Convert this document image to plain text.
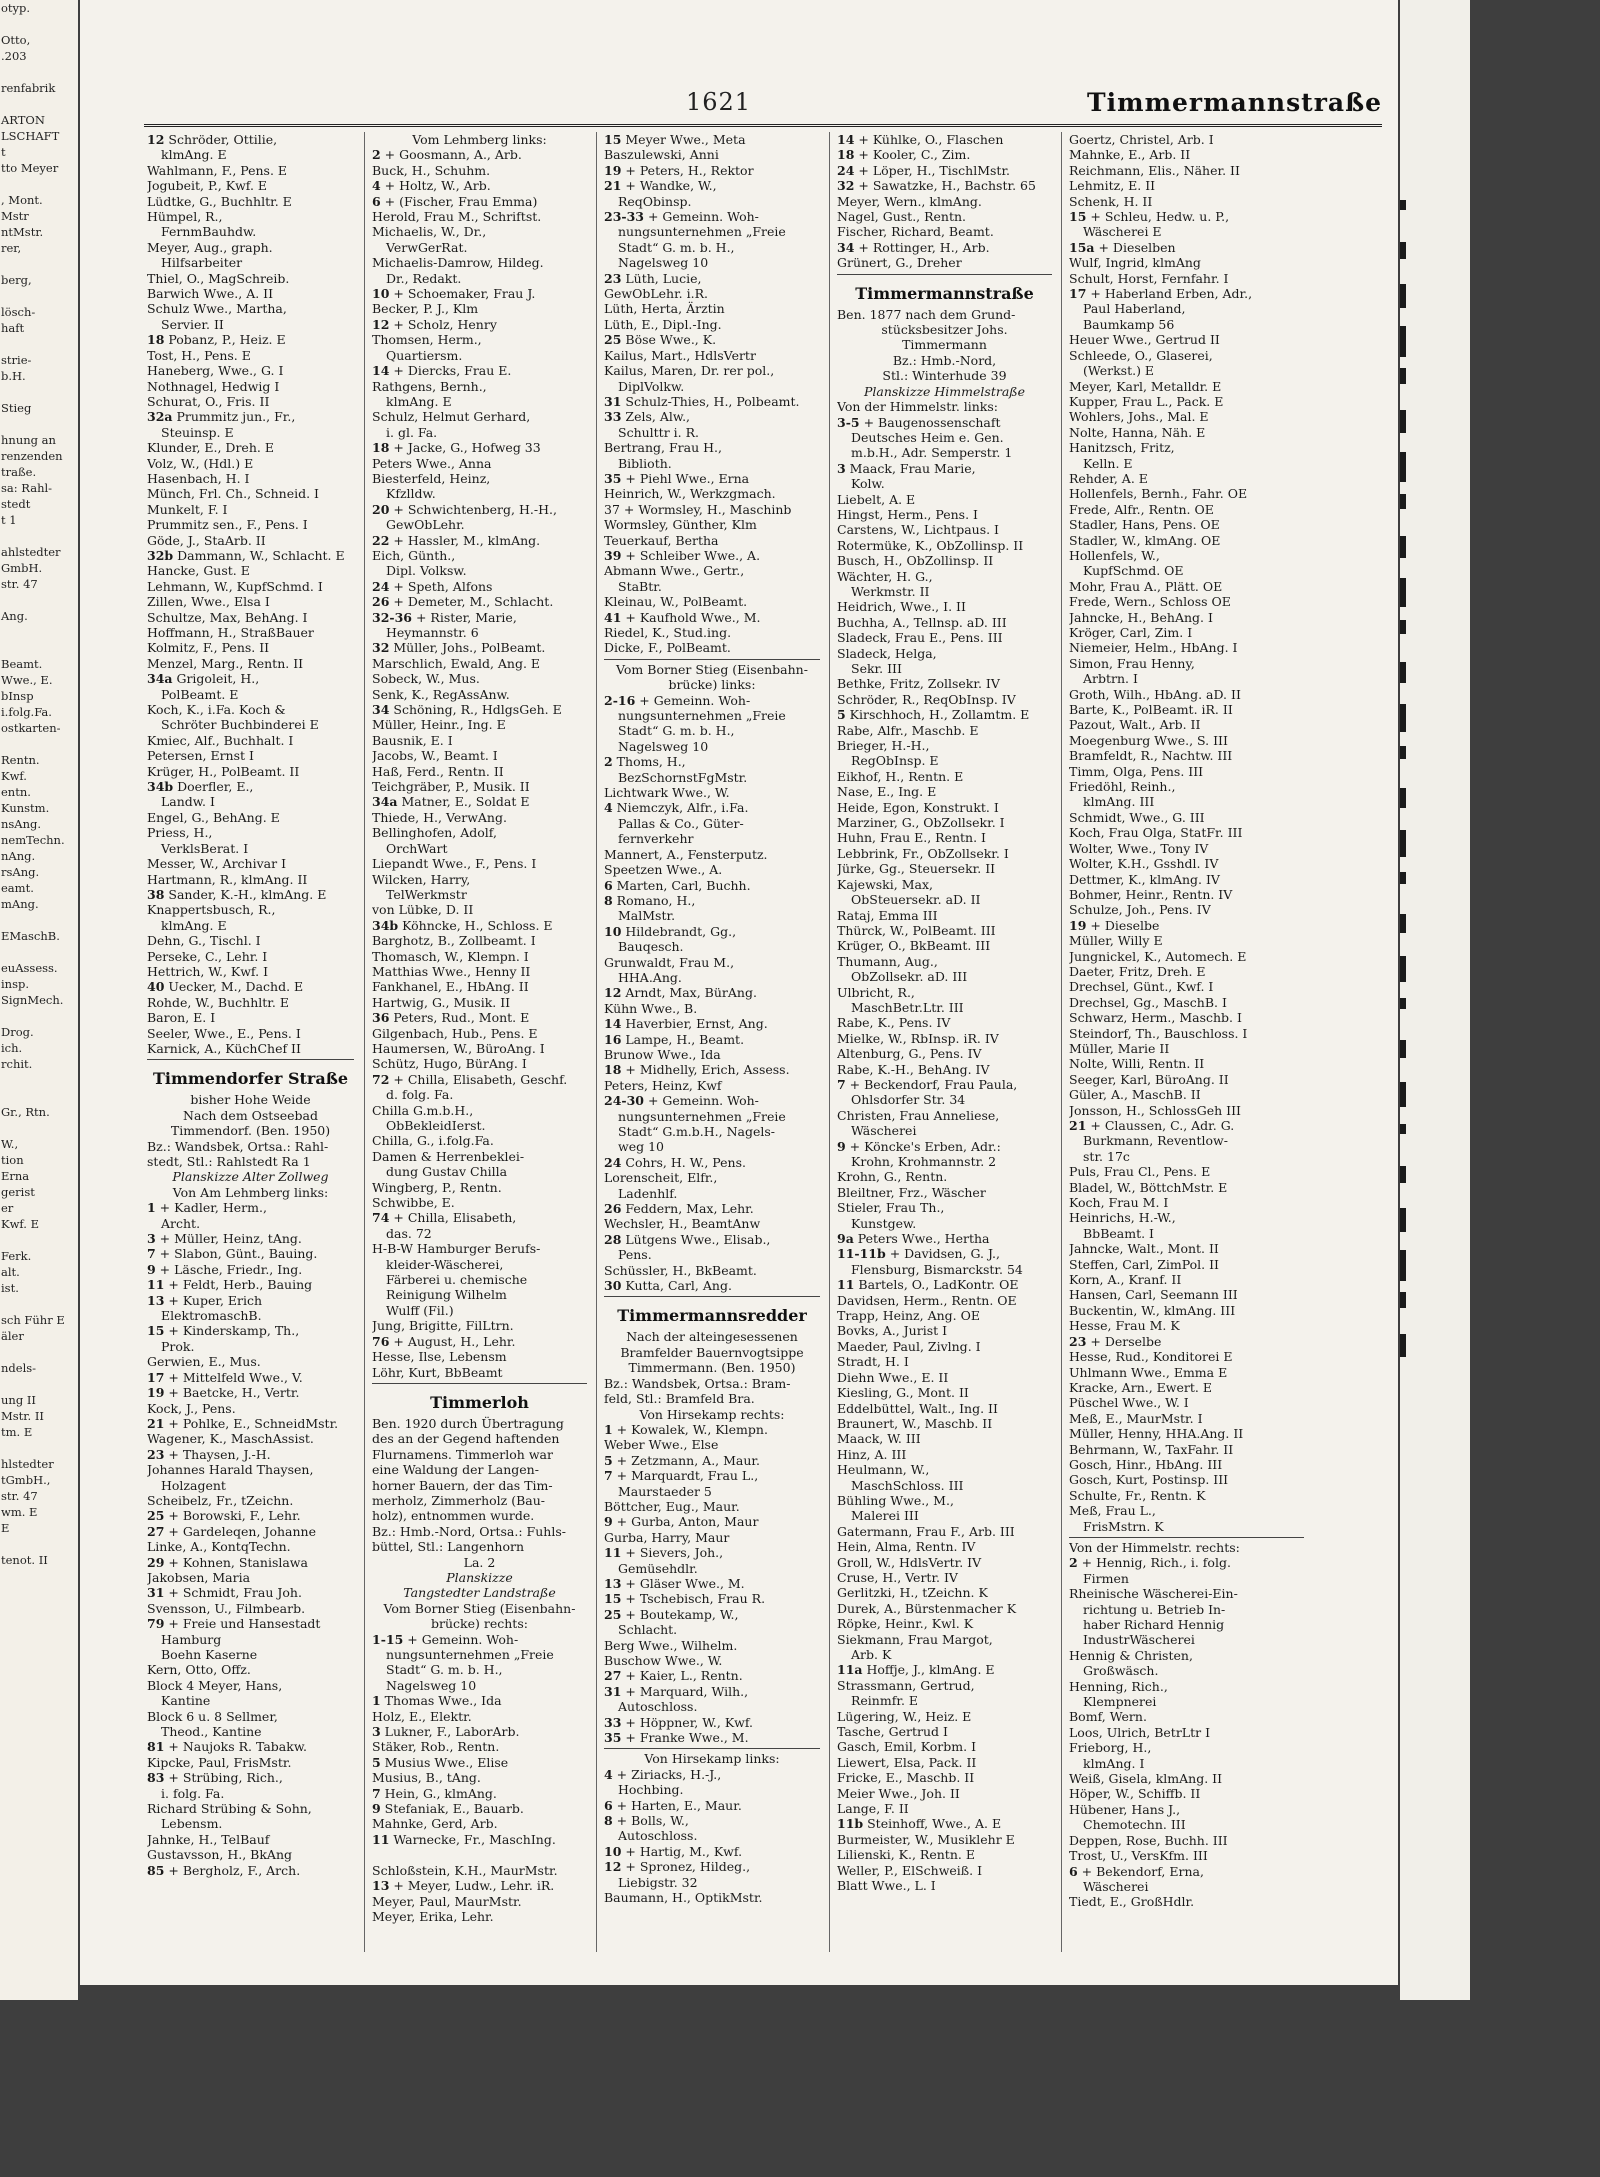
otyp.

Otto,
.203

renfabrik

ARTON
LSCHAFT
t
tto Meyer

, Mont.
Mstr
ntMstr.
rer,

berg,

lösch-
haft

strie-
b.H.

Stieg

hnung an
renzenden
traße.
sa: Rahl-
stedt
t 1

ahlstedter
GmbH.
str. 47

Ang.

Beamt.
Wwe., E.
bInsp
i.folg.Fa.
ostkarten-

Rentn.
Kwf.
entn.
Kunstm.
nsAng.
nemTechn.
nAng.
rsAng.
eamt.
mAng.

EMaschB.

euAssess.
insp.
SignMech.

Drog.
ich.
rchit.

Gr., Rtn.

W.,
tion
Erna
gerist
er
Kwf. E

Ferk.
alt.
ist.

sch Führ E
äler

ndels-

ung II
Mstr. II
tm. E

hlstedter
tGmbH.,
str. 47
wm. E
E

tenot. II
1621	Timmermannstraße
12 Schröder, Ottilie,
klmAng. E
Wahlmann, F., Pens. E
Jogubeit, P., Kwf. E
Lüdtke, G., Buchhltr. E
Hümpel, R.,
FernmBauhdw.
Meyer, Aug., graph.
Hilfsarbeiter
Thiel, O., MagSchreib.
Barwich Wwe., A. II
Schulz Wwe., Martha,
Servier. II
18 Pobanz, P., Heiz. E
Tost, H., Pens. E
Haneberg, Wwe., G. I
Nothnagel, Hedwig I
Schurat, O., Fris. II
32a Prummitz jun., Fr.,
Steuinsp. E
Klunder, E., Dreh. E
Volz, W., (Hdl.) E
Hasenbach, H. I
Münch, Frl. Ch., Schneid. I
Munkelt, F. I
Prummitz sen., F., Pens. I
Göde, J., StaArb. II
32b Dammann, W., Schlacht. E
Hancke, Gust. E
Lehmann, W., KupfSchmd. I
Zillen, Wwe., Elsa I
Schultze, Max, BehAng. I
Hoffmann, H., StraßBauer
Kolmitz, F., Pens. II
Menzel, Marg., Rentn. II
34a Grigoleit, H.,
PolBeamt. E
Koch, K., i.Fa. Koch &
Schröter Buchbinderei E
Kmiec, Alf., Buchhalt. I
Petersen, Ernst I
Krüger, H., PolBeamt. II
34b Doerfler, E.,
Landw. I
Engel, G., BehAng. E
Priess, H.,
VerklsBerat. I
Messer, W., Archivar I
Hartmann, R., klmAng. II
38 Sander, K.-H., klmAng. E
Knappertsbusch, R.,
klmAng. E
Dehn, G., Tischl. I
Perseke, C., Lehr. I
Hettrich, W., Kwf. I
40 Uecker, M., Dachd. E
Rohde, W., Buchhltr. E
Baron, E. I
Seeler, Wwe., E., Pens. I
Karnick, A., KüchChef II
Timmendorfer Straße
bisher Hohe Weide
Nach dem Ostseebad
Timmendorf. (Ben. 1950)
Bz.: Wandsbek, Ortsa.: Rahl-
stedt, Stl.: Rahlstedt Ra 1
Planskizze Alter Zollweg
Von Am Lehmberg links:
1 + Kadler, Herm.,
Archt.
3 + Müller, Heinz, tAng.
7 + Slabon, Günt., Bauing.
9 + Läsche, Friedr., Ing.
11 + Feldt, Herb., Bauing
13 + Kuper, Erich
ElektromaschB.
15 + Kinderskamp, Th.,
Prok.
Gerwien, E., Mus.
17 + Mittelfeld Wwe., V.
19 + Baetcke, H., Vertr.
Kock, J., Pens.
21 + Pohlke, E., SchneidMstr.
Wagener, K., MaschAssist.
23 + Thaysen, J.-H.
Johannes Harald Thaysen,
Holzagent
Scheibelz, Fr., tZeichn.
25 + Borowski, F., Lehr.
27 + Gardeleqen, Johanne
Linke, A., KontqTechn.
29 + Kohnen, Stanislawa
Jakobsen, Maria
31 + Schmidt, Frau Joh.
Svensson, U., Filmbearb.
79 + Freie und Hansestadt
Hamburg
Boehn Kaserne
Kern, Otto, Offz.
Block 4 Meyer, Hans,
Kantine
Block 6 u. 8 Sellmer,
Theod., Kantine
81 + Naujoks R. Tabakw.
Kipcke, Paul, FrisMstr.
83 + Strübing, Rich.,
i. folg. Fa.
Richard Strübing & Sohn,
Lebensm.
Jahnke, H., TelBauf
Gustavsson, H., BkAng
85 + Bergholz, F., Arch.
Vom Lehmberg links:
2 + Goosmann, A., Arb.
Buck, H., Schuhm.
4 + Holtz, W., Arb.
6 + (Fischer, Frau Emma)
Herold, Frau M., Schriftst.
Michaelis, W., Dr.,
VerwGerRat.
Michaelis-Damrow, Hildeg.
Dr., Redakt.
10 + Schoemaker, Frau J.
Becker, P. J., Klm
12 + Scholz, Henry
Thomsen, Herm.,
Quartiersm.
14 + Diercks, Frau E.
Rathgens, Bernh.,
klmAng. E
Schulz, Helmut Gerhard,
i. gl. Fa.
18 + Jacke, G., Hofweg 33
Peters Wwe., Anna
Biesterfeld, Heinz,
Kfzlldw.
20 + Schwichtenberg, H.-H.,
GewObLehr.
22 + Hassler, M., klmAng.
Eich, Günth.,
Dipl. Volksw.
24 + Speth, Alfons
26 + Demeter, M., Schlacht.
32-36 + Rister, Marie,
Heymannstr. 6
32 Müller, Johs., PolBeamt.
Marschlich, Ewald, Ang. E
Sobeck, W., Mus.
Senk, K., RegAssAnw.
34 Schöning, R., HdlgsGeh. E
Müller, Heinr., Ing. E
Bausnik, E. I
Jacobs, W., Beamt. I
Haß, Ferd., Rentn. II
Teichgräber, P., Musik. II
34a Matner, E., Soldat E
Thiede, H., VerwAng.
Bellinghofen, Adolf,
OrchWart
Liepandt Wwe., F., Pens. I
Wilcken, Harry,
TelWerkmstr
von Lübke, D. II
34b Köhncke, H., Schloss. E
Barghotz, B., Zollbeamt. I
Thomasch, W., Klempn. I
Matthias Wwe., Henny II
Fankhanel, E., HbAng. II
Hartwig, G., Musik. II
36 Peters, Rud., Mont. E
Gilgenbach, Hub., Pens. E
Haumersen, W., BüroAng. I
Schütz, Hugo, BürAng. I
72 + Chilla, Elisabeth, Geschf.
d. folg. Fa.
Chilla G.m.b.H.,
ObBekleidIerst.
Chilla, G., i.folg.Fa.
Damen & Herrenbeklei-
dung Gustav Chilla
Wingberg, P., Rentn.
Schwibbe, E.
74 + Chilla, Elisabeth,
das. 72
H-B-W Hamburger Berufs-
kleider-Wäscherei,
Färberei u. chemische
Reinigung Wilhelm
Wulff (Fil.)
Jung, Brigitte, FilLtrn.
76 + August, H., Lehr.
Hesse, Ilse, Lebensm
Löhr, Kurt, BbBeamt
Timmerloh
Ben. 1920 durch Übertragung
des an der Gegend haftenden
Flurnamens. Timmerloh war
eine Waldung der Langen-
horner Bauern, der das Tim-
merholz, Zimmerholz (Bau-
holz), entnommen wurde.
Bz.: Hmb.-Nord, Ortsa.: Fuhls-
büttel, Stl.: Langenhorn
La. 2
Planskizze
Tangstedter Landstraße
Vom Borner Stieg (Eisenbahn-
brücke) rechts:
1-15 + Gemeinn. Woh-
nungsunternehmen „Freie
Stadt“ G. m. b. H.,
Nagelsweg 10
1 Thomas Wwe., Ida
Holz, E., Elektr.
3 Lukner, F., LaborArb.
Stäker, Rob., Rentn.
5 Musius Wwe., Elise
Musius, B., tAng.
7 Hein, G., klmAng.
9 Stefaniak, E., Bauarb.
Mahnke, Gerd, Arb.
11 Warnecke, Fr., MaschIng.

Schloßstein, K.H., MaurMstr.
13 + Meyer, Ludw., Lehr. iR.
Meyer, Paul, MaurMstr.
Meyer, Erika, Lehr.
15 Meyer Wwe., Meta
Baszulewski, Anni
19 + Peters, H., Rektor
21 + Wandke, W.,
ReqObinsp.
23-33 + Gemeinn. Woh-
nungsunternehmen „Freie
Stadt“ G. m. b. H.,
Nagelsweg 10
23 Lüth, Lucie,
GewObLehr. i.R.
Lüth, Herta, Ärztin
Lüth, E., Dipl.-Ing.
25 Böse Wwe., K.
Kailus, Mart., HdlsVertr
Kailus, Maren, Dr. rer pol.,
DiplVolkw.
31 Schulz-Thies, H., Polbeamt.
33 Zels, Alw.,
Schulttr i. R.
Bertrang, Frau H.,
Biblioth.
35 + Piehl Wwe., Erna
Heinrich, W., Werkzgmach.
37 + Wormsley, H., Maschinb
Wormsley, Günther, Klm
Teuerkauf, Bertha
39 + Schleiber Wwe., A.
Abmann Wwe., Gertr.,
StaBtr.
Kleinau, W., PolBeamt.
41 + Kaufhold Wwe., M.
Riedel, K., Stud.ing.
Dicke, F., PolBeamt.
Vom Borner Stieg (Eisenbahn-
brücke) links:
2-16 + Gemeinn. Woh-
nungsunternehmen „Freie
Stadt“ G. m. b. H.,
Nagelsweg 10
2 Thoms, H.,
BezSchornstFgMstr.
Lichtwark Wwe., W.
4 Niemczyk, Alfr., i.Fa.
Pallas & Co., Güter-
fernverkehr
Mannert, A., Fensterputz.
Speetzen Wwe., A.
6 Marten, Carl, Buchh.
8 Romano, H.,
MalMstr.
10 Hildebrandt, Gg.,
Bauqesch.
Grunwaldt, Frau M.,
HHA.Ang.
12 Arndt, Max, BürAng.
Kühn Wwe., B.
14 Haverbier, Ernst, Ang.
16 Lampe, H., Beamt.
Brunow Wwe., Ida
18 + Midhelly, Erich, Assess.
Peters, Heinz, Kwf
24-30 + Gemeinn. Woh-
nungsunternehmen „Freie
Stadt“ G.m.b.H., Nagels-
weg 10
24 Cohrs, H. W., Pens.
Lorenscheit, Elfr.,
Ladenhlf.
26 Feddern, Max, Lehr.
Wechsler, H., BeamtAnw
28 Lütgens Wwe., Elisab.,
Pens.
Schüssler, H., BkBeamt.
30 Kutta, Carl, Ang.
Timmermannsredder
Nach der alteingesessenen
Bramfelder Bauernvogtsippe
Timmermann. (Ben. 1950)
Bz.: Wandsbek, Ortsa.: Bram-
feld, Stl.: Bramfeld Bra.
Von Hirsekamp rechts:
1 + Kowalek, W., Klempn.
Weber Wwe., Else
5 + Zetzmann, A., Maur.
7 + Marquardt, Frau L.,
Maurstaeder 5
Böttcher, Eug., Maur.
9 + Gurba, Anton, Maur
Gurba, Harry, Maur
11 + Sievers, Joh.,
Gemüsehdlr.
13 + Gläser Wwe., M.
15 + Tschebisch, Frau R.
25 + Boutekamp, W.,
Schlacht.
Berg Wwe., Wilhelm.
Buschow Wwe., W.
27 + Kaier, L., Rentn.
31 + Marquard, Wilh.,
Autoschloss.
33 + Höppner, W., Kwf.
35 + Franke Wwe., M.
Von Hirsekamp links:
4 + Ziriacks, H.-J.,
Hochbing.
6 + Harten, E., Maur.
8 + Bolls, W.,
Autoschloss.
10 + Hartig, M., Kwf.
12 + Spronez, Hildeg.,
Liebigstr. 32
Baumann, H., OptikMstr.
14 + Kühlke, O., Flaschen
18 + Kooler, C., Zim.
24 + Löper, H., TischlMstr.
32 + Sawatzke, H., Bachstr. 65
Meyer, Wern., klmAng.
Nagel, Gust., Rentn.
Fischer, Richard, Beamt.
34 + Rottinger, H., Arb.
Grünert, G., Dreher
Timmermannstraße
Ben. 1877 nach dem Grund-
stücksbesitzer Johs.
Timmermann
Bz.: Hmb.-Nord,
Stl.: Winterhude 39
Planskizze Himmelstraße
Von der Himmelstr. links:
3-5 + Baugenossenschaft
Deutsches Heim e. Gen.
m.b.H., Adr. Semperstr. 1
3 Maack, Frau Marie,
Kolw.
Liebelt, A. E
Hingst, Herm., Pens. I
Carstens, W., Lichtpaus. I
Rotermüke, K., ObZollinsp. II
Busch, H., ObZollinsp. II
Wächter, H. G.,
Werkmstr. II
Heidrich, Wwe., I. II
Buchha, A., Tellnsp. aD. III
Sladeck, Frau E., Pens. III
Sladeck, Helga,
Sekr. III
Bethke, Fritz, Zollsekr. IV
Schröder, R., ReqObInsp. IV
5 Kirschhoch, H., Zollamtm. E
Rabe, Alfr., Maschb. E
Brieger, H.-H.,
RegObInsp. E
Eikhof, H., Rentn. E
Nase, E., Ing. E
Heide, Egon, Konstrukt. I
Marziner, G., ObZollsekr. I
Huhn, Frau E., Rentn. I
Lebbrink, Fr., ObZollsekr. I
Jürke, Gg., Steuersekr. II
Kajewski, Max,
ObSteuersekr. aD. II
Rataj, Emma III
Thürck, W., PolBeamt. III
Krüger, O., BkBeamt. III
Thumann, Aug.,
ObZollsekr. aD. III
Ulbricht, R.,
MaschBetr.Ltr. III
Rabe, K., Pens. IV
Mielke, W., RbInsp. iR. IV
Altenburg, G., Pens. IV
Rabe, K.-H., BehAng. IV
7 + Beckendorf, Frau Paula,
Ohlsdorfer Str. 34
Christen, Frau Anneliese,
Wäscherei
9 + Köncke's Erben, Adr.:
Krohn, Krohmannstr. 2
Krohn, G., Rentn.
Bleiltner, Frz., Wäscher
Stieler, Frau Th.,
Kunstgew.
9a Peters Wwe., Hertha
11-11b + Davidsen, G. J.,
Flensburg, Bismarckstr. 54
11 Bartels, O., LadKontr. OE
Davidsen, Herm., Rentn. OE
Trapp, Heinz, Ang. OE
Bovks, A., Jurist I
Maeder, Paul, Zivlng. I
Stradt, H. I
Diehn Wwe., E. II
Kiesling, G., Mont. II
Eddelbüttel, Walt., Ing. II
Braunert, W., Maschb. II
Maack, W. III
Hinz, A. III
Heulmann, W.,
MaschSchloss. III
Bühling Wwe., M.,
Malerei III
Gatermann, Frau F., Arb. III
Hein, Alma, Rentn. IV
Groll, W., HdlsVertr. IV
Cruse, H., Vertr. IV
Gerlitzki, H., tZeichn. K
Durek, A., Bürstenmacher K
Röpke, Heinr., Kwl. K
Siekmann, Frau Margot,
Arb. K
11a Hoffje, J., klmAng. E
Strassmann, Gertrud,
Reinmfr. E
Lügering, W., Heiz. E
Tasche, Gertrud I
Gasch, Emil, Korbm. I
Liewert, Elsa, Pack. II
Fricke, E., Maschb. II
Meier Wwe., Joh. II
Lange, F. II
11b Steinhoff, Wwe., A. E
Burmeister, W., Musiklehr E
Lilienski, K., Rentn. E
Weller, P., ElSchweiß. I
Blatt Wwe., L. I
Goertz, Christel, Arb. I
Mahnke, E., Arb. II
Reichmann, Elis., Näher. II
Lehmitz, E. II
Schenk, H. II
15 + Schleu, Hedw. u. P.,
Wäscherei E
15a + Dieselben
Wulf, Ingrid, klmAng
Schult, Horst, Fernfahr. I
17 + Haberland Erben, Adr.,
Paul Haberland,
Baumkamp 56
Heuer Wwe., Gertrud II
Schleede, O., Glaserei,
(Werkst.) E
Meyer, Karl, Metalldr. E
Kupper, Frau L., Pack. E
Wohlers, Johs., Mal. E
Nolte, Hanna, Näh. E
Hanitzsch, Fritz,
Kelln. E
Rehder, A. E
Hollenfels, Bernh., Fahr. OE
Frede, Alfr., Rentn. OE
Stadler, Hans, Pens. OE
Stadler, W., klmAng. OE
Hollenfels, W.,
KupfSchmd. OE
Mohr, Frau A., Plätt. OE
Frede, Wern., Schloss OE
Jahncke, H., BehAng. I
Kröger, Carl, Zim. I
Niemeier, Helm., HbAng. I
Simon, Frau Henny,
Arbtrn. I
Groth, Wilh., HbAng. aD. II
Barte, K., PolBeamt. iR. II
Pazout, Walt., Arb. II
Moegenburg Wwe., S. III
Bramfeldt, R., Nachtw. III
Timm, Olga, Pens. III
Friedöhl, Reinh.,
klmAng. III
Schmidt, Wwe., G. III
Koch, Frau Olga, StatFr. III
Wolter, Wwe., Tony IV
Wolter, K.H., Gsshdl. IV
Dettmer, K., klmAng. IV
Bohmer, Heinr., Rentn. IV
Schulze, Joh., Pens. IV
19 + Dieselbe
Müller, Willy E
Jungnickel, K., Automech. E
Daeter, Fritz, Dreh. E
Drechsel, Günt., Kwf. I
Drechsel, Gg., MaschB. I
Schwarz, Herm., Maschb. I
Steindorf, Th., Bauschloss. I
Müller, Marie II
Nolte, Willi, Rentn. II
Seeger, Karl, BüroAng. II
Güler, A., MaschB. II
Jonsson, H., SchlossGeh III
21 + Claussen, C., Adr. G.
Burkmann, Reventlow-
str. 17c
Puls, Frau Cl., Pens. E
Bladel, W., BöttchMstr. E
Koch, Frau M. I
Heinrichs, H.-W.,
BbBeamt. I
Jahncke, Walt., Mont. II
Steffen, Carl, ZimPol. II
Korn, A., Kranf. II
Hansen, Carl, Seemann III
Buckentin, W., klmAng. III
Hesse, Frau M. K
23 + Derselbe
Hesse, Rud., Konditorei E
Uhlmann Wwe., Emma E
Kracke, Arn., Ewert. E
Püschel Wwe., W. I
Meß, E., MaurMstr. I
Müller, Henny, HHA.Ang. II
Behrmann, W., TaxFahr. II
Gosch, Hinr., HbAng. III
Gosch, Kurt, Postinsp. III
Schulte, Fr., Rentn. K
Meß, Frau L.,
FrisMstrn. K
Von der Himmelstr. rechts:
2 + Hennig, Rich., i. folg.
Firmen
Rheinische Wäscherei-Ein-
richtung u. Betrieb In-
haber Richard Hennig
IndustrWäscherei
Hennig & Christen,
Großwäsch.
Henning, Rich.,
Klempnerei
Bomf, Wern.
Loos, Ulrich, BetrLtr I
Frieborg, H.,
klmAng. I
Weiß, Gisela, klmAng. II
Höper, W., Schiffb. II
Hübener, Hans J.,
Chemotechn. III
Deppen, Rose, Buchh. III
Trost, U., VersKfm. III
6 + Bekendorf, Erna,
Wäscherei
Tiedt, E., GroßHdlr.
